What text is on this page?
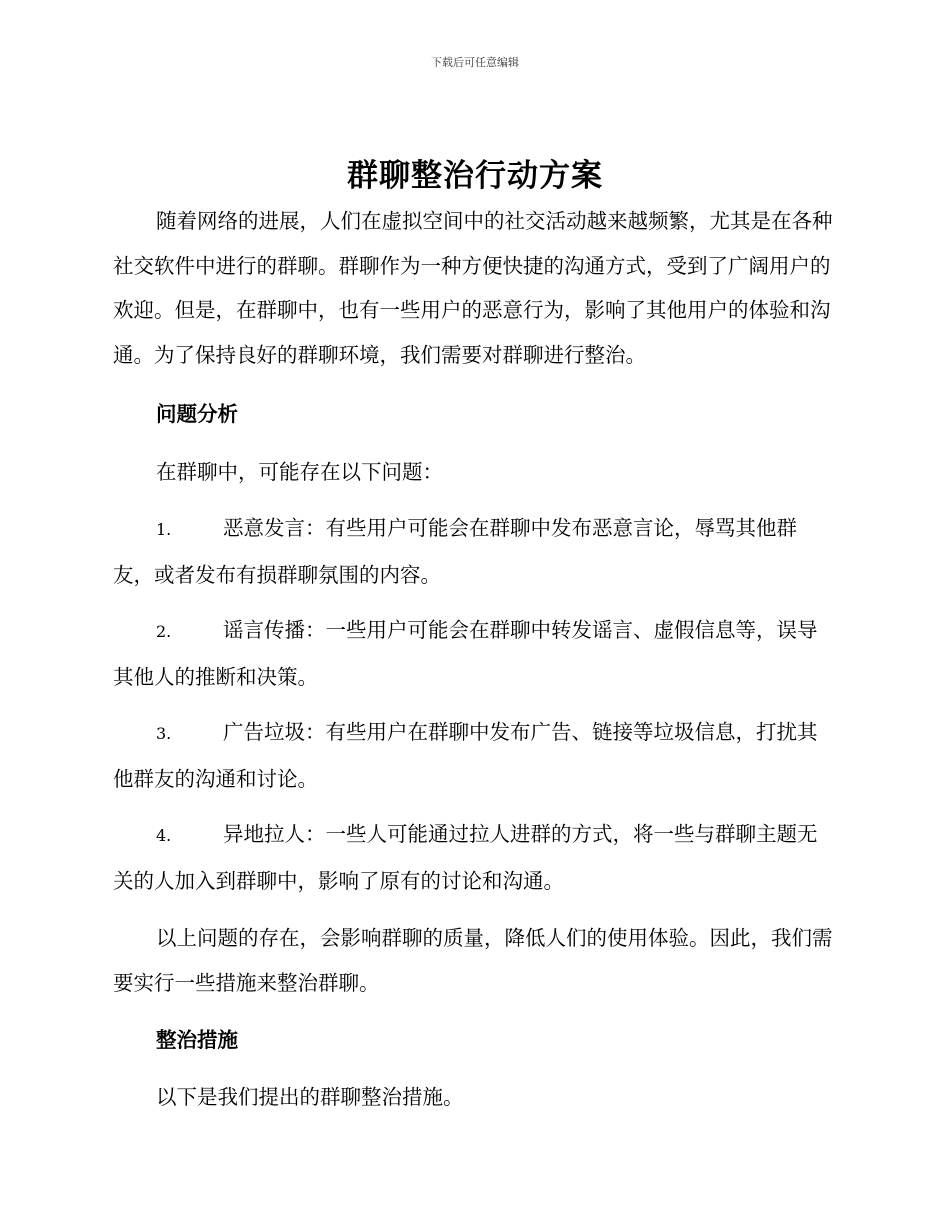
下载后可任意编辑
群聊整治行动方案

随着网络的进展，人们在虚拟空间中的社交活动越来越频繁，尤其是在各种社交软件中进行的群聊。群聊作为一种方便快捷的沟通方式，受到了广阔用户的欢迎。但是，在群聊中，也有一些用户的恶意行为，影响了其他用户的体验和沟通。为了保持良好的群聊环境，我们需要对群聊进行整治。

问题分析

在群聊中，可能存在以下问题：

1.	恶意发言：有些用户可能会在群聊中发布恶意言论，辱骂其他群友，或者发布有损群聊氛围的内容。

2.	谣言传播：一些用户可能会在群聊中转发谣言、虚假信息等，误导其他人的推断和决策。

3.	广告垃圾：有些用户在群聊中发布广告、链接等垃圾信息，打扰其他群友的沟通和讨论。

4.	异地拉人：一些人可能通过拉人进群的方式，将一些与群聊主题无关的人加入到群聊中，影响了原有的讨论和沟通。

以上问题的存在，会影响群聊的质量，降低人们的使用体验。因此，我们需要实行一些措施来整治群聊。

整治措施

以下是我们提出的群聊整治措施。
